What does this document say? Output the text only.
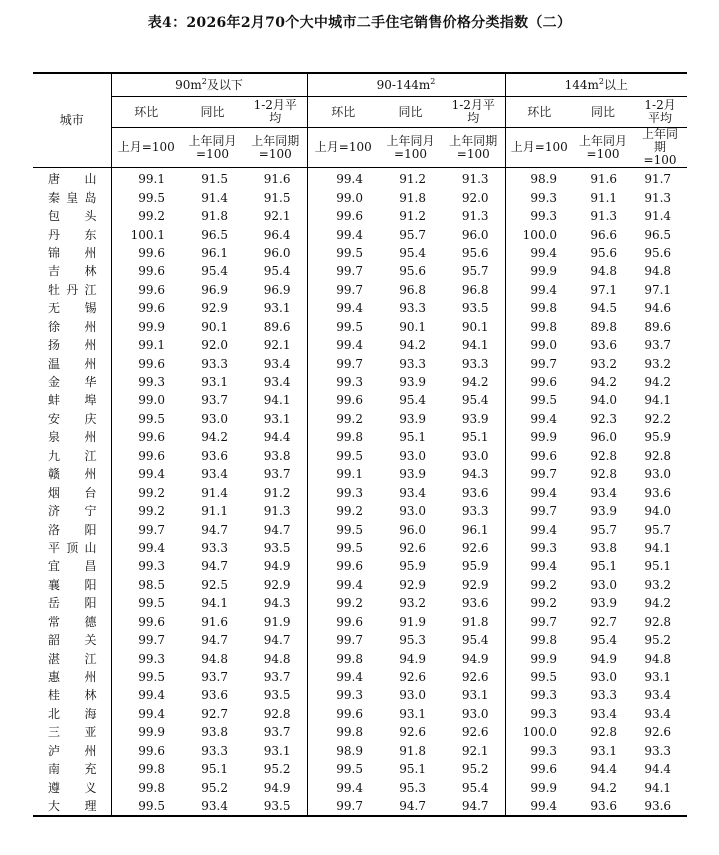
表4：2026年2月70个大中城市二手住宅销售价格分类指数（二）
城市	$90m^2$及以下			$90-144m^2$			$144m^2$以上		
	环比	同比	1-2月平均	环比	同比	1-2月平均	环比	同比	1-2月平均
	上月=100	上年同月=100	上年同期=100	上月=100	上年同月=100	上年同期=100	上月=100	上年同月=100	上年同期=100

唐 山	99.1	91.5	91.6	99.4	91.2	91.3	98.9	91.6	91.7

秦 皇 岛	99.5	91.4	91.5	99.0	91.8	92.0	99.3	91.1	91.3

包 头	99.2	91.8	92.1	99.6	91.2	91.3	99.3	91.3	91.4

丹 东	100.1	96.5	96.4	99.4	95.7	96.0	100.0	96.6	96.5

锦 州	99.6	96.1	96.0	99.5	95.4	95.6	99.4	95.6	95.6

吉 林	99.6	95.4	95.4	99.7	95.6	95.7	99.9	94.8	94.8

牡 丹 江	99.6	96.9	96.9	99.7	96.8	96.8	99.4	97.1	97.1

无 锡	99.6	92.9	93.1	99.4	93.3	93.5	99.8	94.5	94.6

徐 州	99.9	90.1	89.6	99.5	90.1	90.1	99.8	89.8	89.6

扬 州	99.1	92.0	92.1	99.4	94.2	94.1	99.0	93.6	93.7

温 州	99.6	93.3	93.4	99.7	93.3	93.3	99.7	93.2	93.2

金 华	99.3	93.1	93.4	99.3	93.9	94.2	99.6	94.2	94.2

蚌 埠	99.0	93.7	94.1	99.6	95.4	95.4	99.5	94.0	94.1

安 庆	99.5	93.0	93.1	99.2	93.9	93.9	99.4	92.3	92.2

泉 州	99.6	94.2	94.4	99.8	95.1	95.1	99.9	96.0	95.9

九 江	99.6	93.6	93.8	99.5	93.0	93.0	99.6	92.8	92.8

赣 州	99.4	93.4	93.7	99.1	93.9	94.3	99.7	92.8	93.0

烟 台	99.2	91.4	91.2	99.3	93.4	93.6	99.4	93.4	93.6

济 宁	99.2	91.1	91.3	99.2	93.0	93.3	99.7	93.9	94.0

洛 阳	99.7	94.7	94.7	99.5	96.0	96.1	99.4	95.7	95.7

平 顶 山	99.4	93.3	93.5	99.5	92.6	92.6	99.3	93.8	94.1

宜 昌	99.3	94.7	94.9	99.6	95.9	95.9	99.4	95.1	95.1

襄 阳	98.5	92.5	92.9	99.4	92.9	92.9	99.2	93.0	93.2

岳 阳	99.5	94.1	94.3	99.2	93.2	93.6	99.2	93.9	94.2

常 德	99.6	91.6	91.9	99.6	91.9	91.8	99.7	92.7	92.8

韶 关	99.7	94.7	94.7	99.7	95.3	95.4	99.8	95.4	95.2

湛 江	99.3	94.8	94.8	99.8	94.9	94.9	99.9	94.9	94.8

惠 州	99.5	93.7	93.7	99.4	92.6	92.6	99.5	93.0	93.1

桂 林	99.4	93.6	93.5	99.3	93.0	93.1	99.3	93.3	93.4

北 海	99.4	92.7	92.8	99.6	93.1	93.0	99.3	93.4	93.4

三 亚	99.9	93.8	93.7	99.8	92.6	92.6	100.0	92.8	92.6

泸 州	99.6	93.3	93.1	98.9	91.8	92.1	99.3	93.1	93.3

南 充	99.8	95.1	95.2	99.5	95.1	95.2	99.6	94.4	94.4

遵 义	99.8	95.2	94.9	99.4	95.3	95.4	99.9	94.2	94.1

大 理	99.5	93.4	93.5	99.7	94.7	94.7	99.4	93.6	93.6
